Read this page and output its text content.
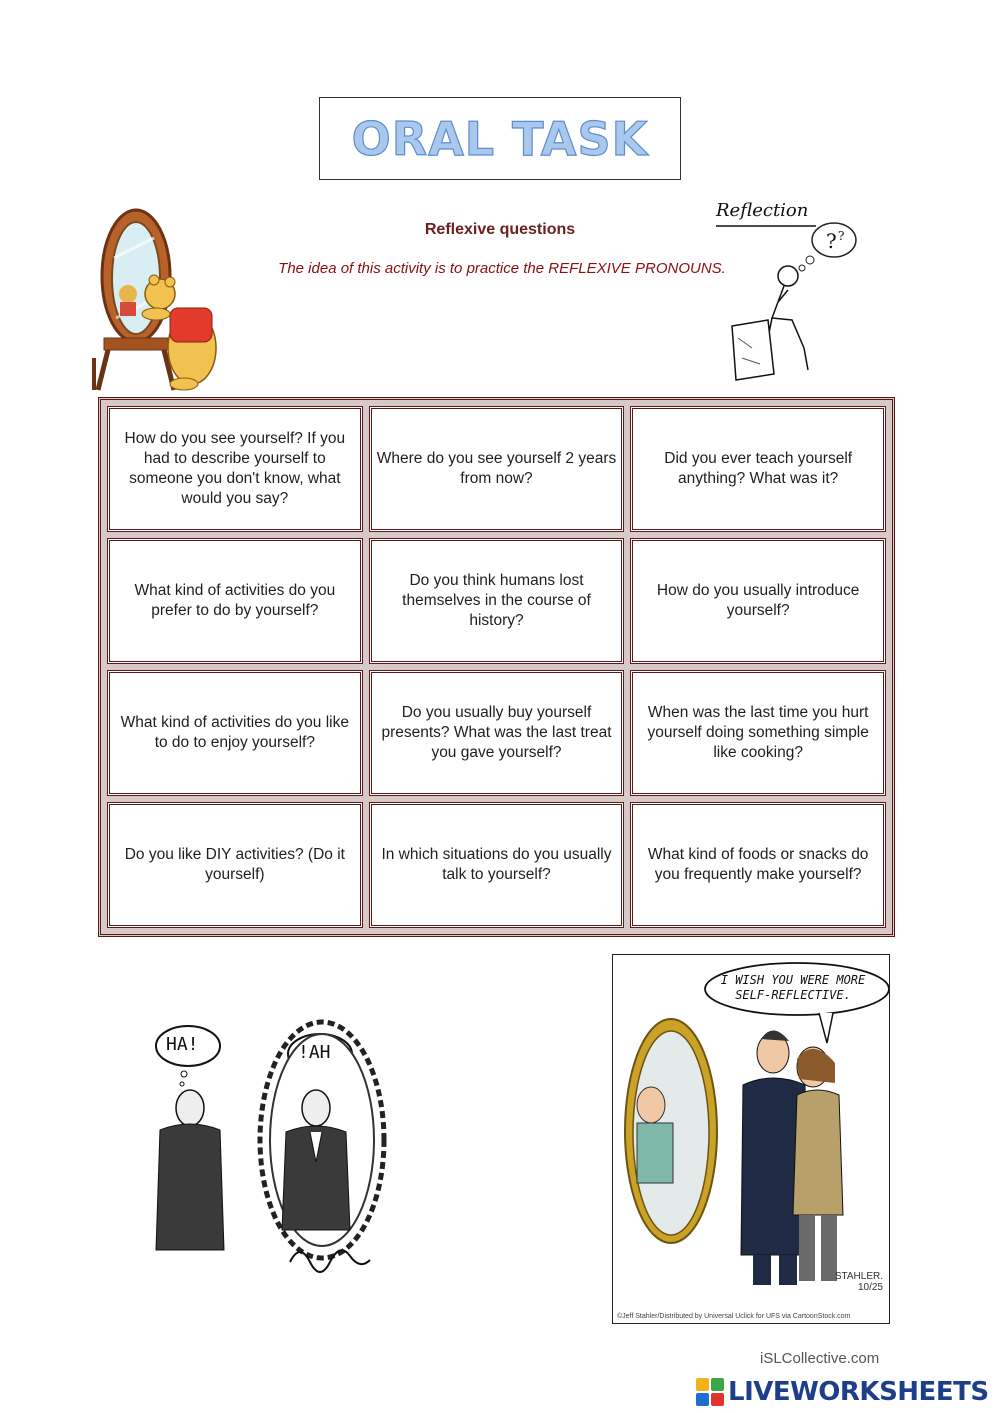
ORAL TASK
Reflexive questions
The idea of this activity is to practice the REFLEXIVE PRONOUNS.
Reflection
? ?
How do you see yourself? If you had to describe yourself to someone you don't know, what would you say?
Where do you see yourself 2 years from now?
Did you ever teach yourself anything? What was it?
What kind of activities do you prefer to do by yourself?
Do you think humans lost themselves in the course of history?
How do you usually introduce yourself?
What kind of activities do you like to do to enjoy yourself?
Do you usually buy yourself presents? What was the last treat you gave yourself?
When was the last time you hurt yourself doing something simple like cooking?
Do you like DIY activities? (Do it yourself)
In which situations do you usually talk to yourself?
What kind of foods or snacks do you frequently make yourself?
HA!	!AH
I WISH YOU WERE MORE SELF-REFLECTIVE.
STAHLER.
10/25
©Jeff Stahler/Distributed by Universal Uclick for UFS via CartoonStock.com
iSLCollective.com
LIVEWORKSHEETS
